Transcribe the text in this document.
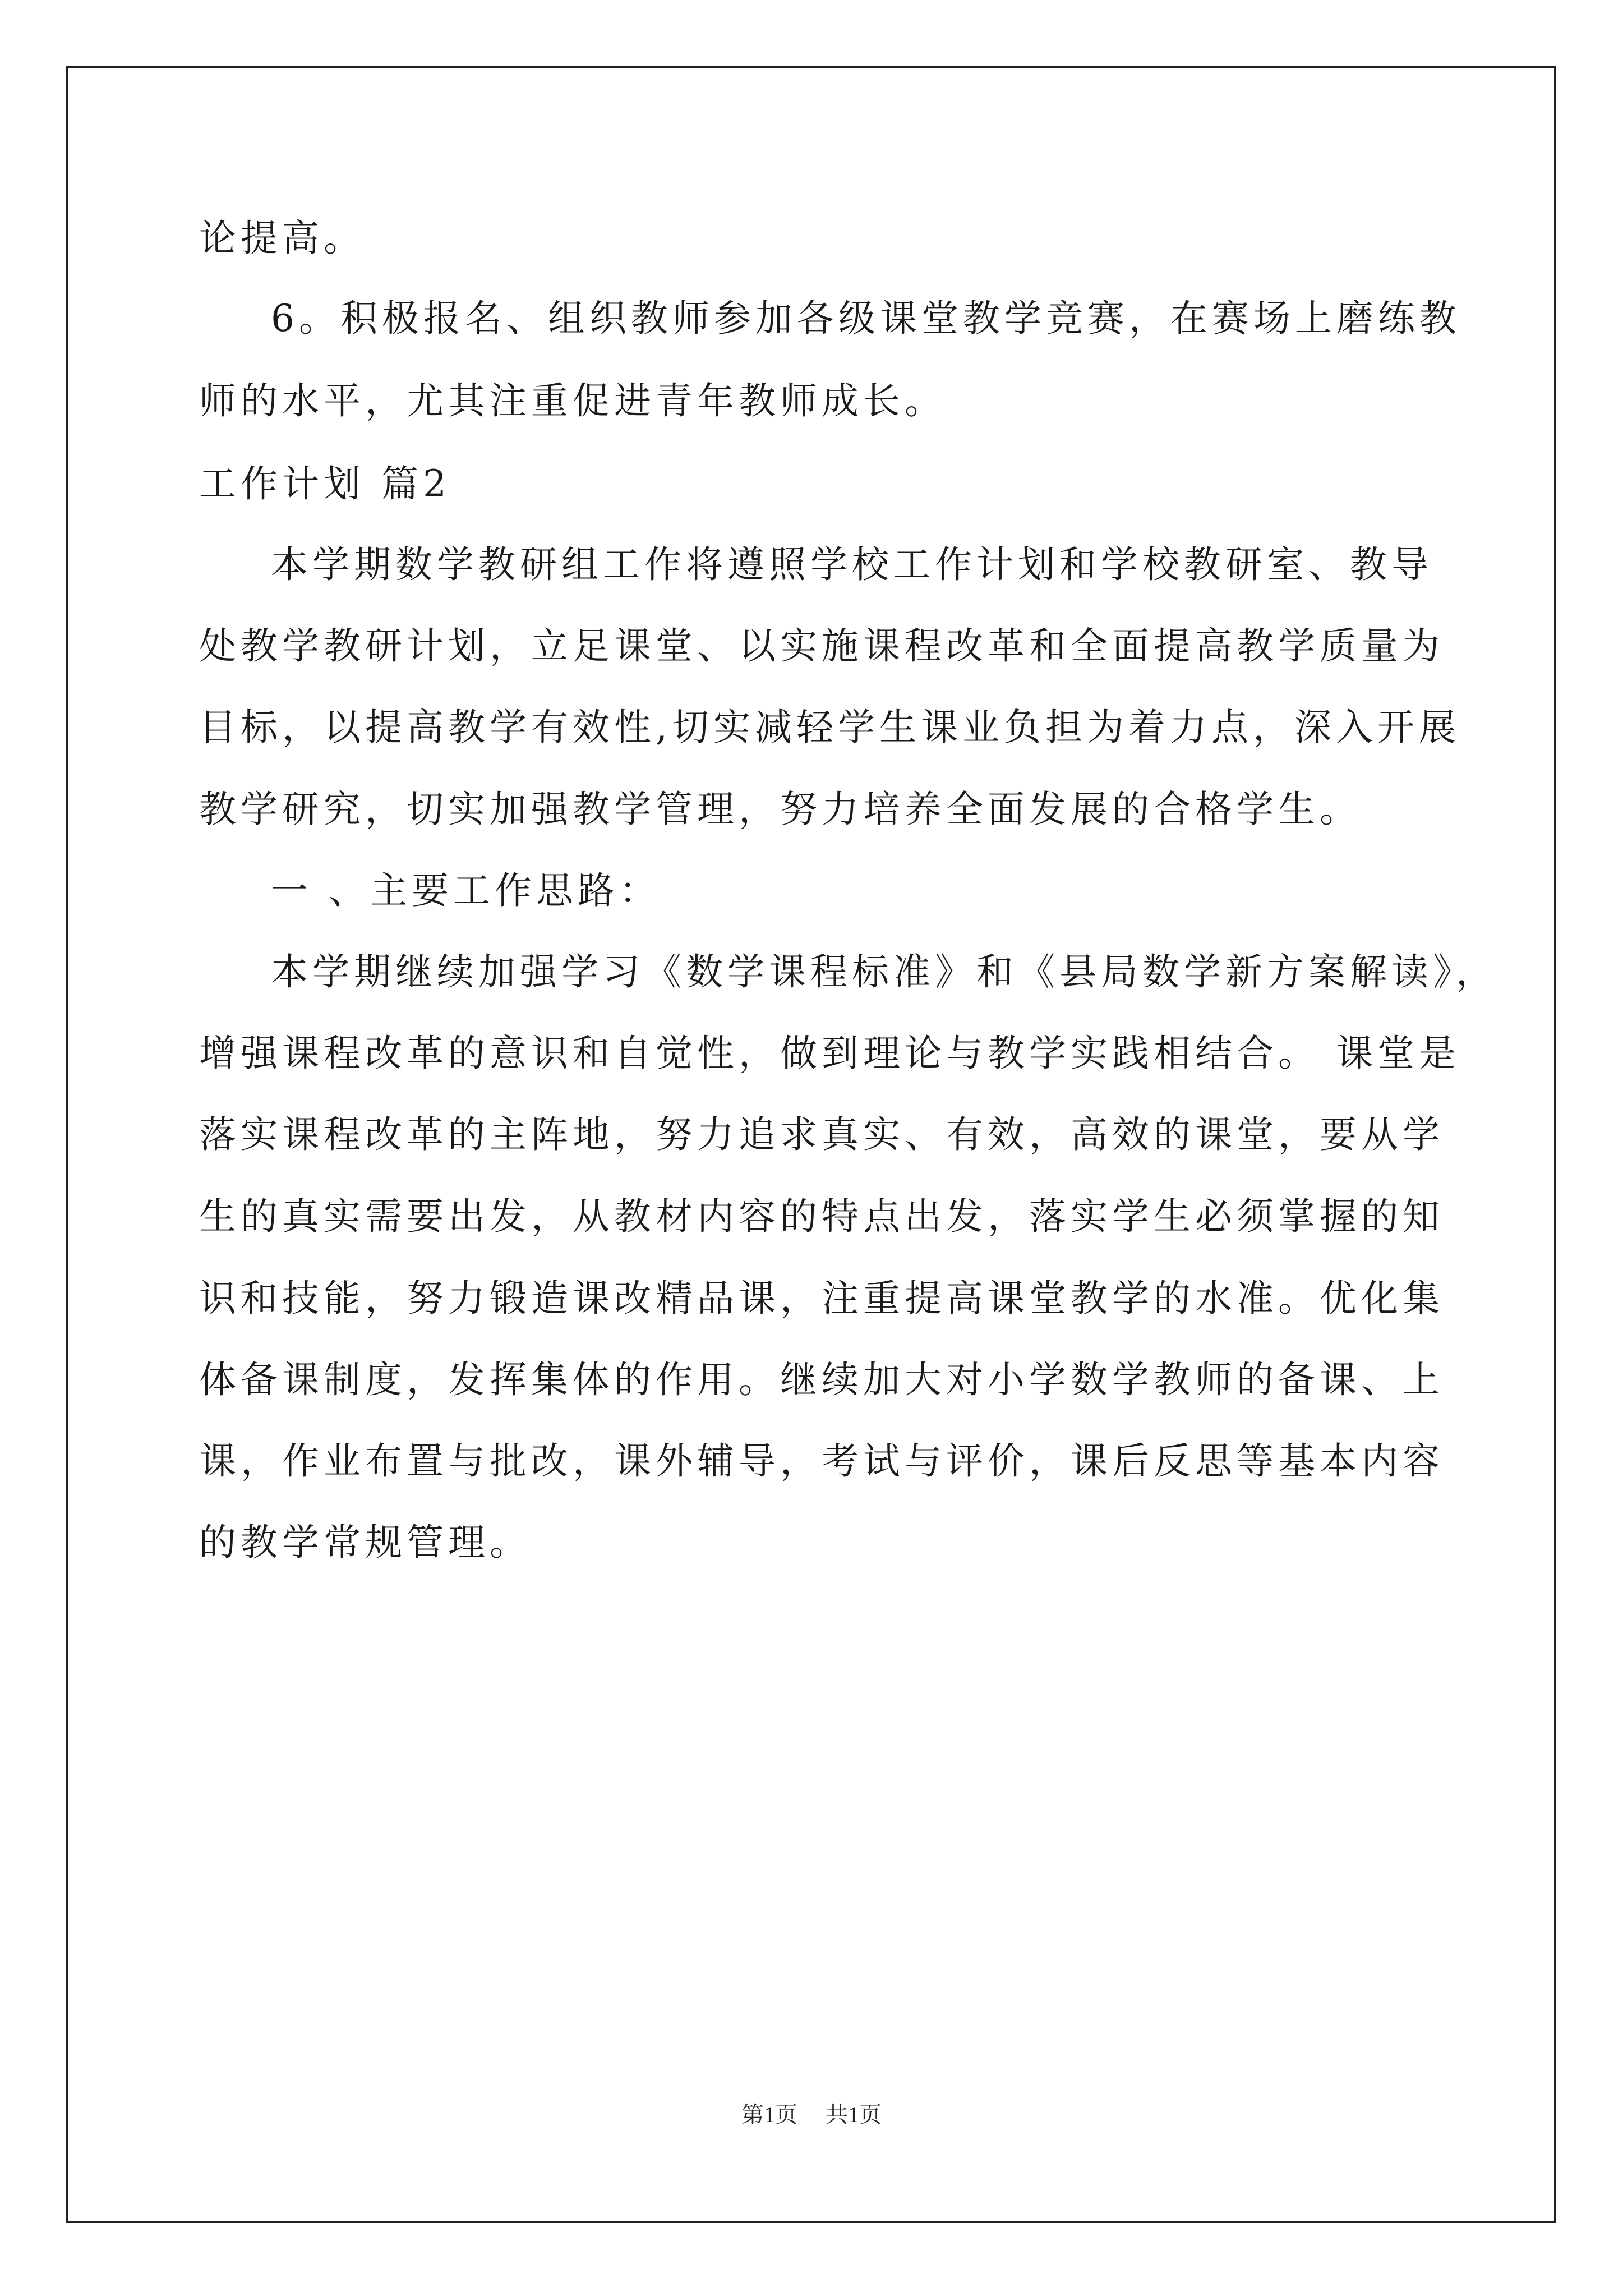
论提高。
6。积极报名、组织教师参加各级课堂教学竞赛，在赛场上磨练教
师的水平，尤其注重促进青年教师成长。
工作计划 篇2
本学期数学教研组工作将遵照学校工作计划和学校教研室、教导
处教学教研计划，立足课堂、以实施课程改革和全面提高教学质量为
目标，以提高教学有效性,切实减轻学生课业负担为着力点，深入开展
教学研究，切实加强教学管理，努力培养全面发展的合格学生。
一 、主要工作思路：
本学期继续加强学习《数学课程标准》和《县局数学新方案解读》，
增强课程改革的意识和自觉性，做到理论与教学实践相结合。 课堂是
落实课程改革的主阵地，努力追求真实、有效，高效的课堂，要从学
生的真实需要出发，从教材内容的特点出发，落实学生必须掌握的知
识和技能，努力锻造课改精品课，注重提高课堂教学的水准。优化集
体备课制度，发挥集体的作用。继续加大对小学数学教师的备课、上
课，作业布置与批改，课外辅导，考试与评价，课后反思等基本内容
的教学常规管理。
第1页 共1页
